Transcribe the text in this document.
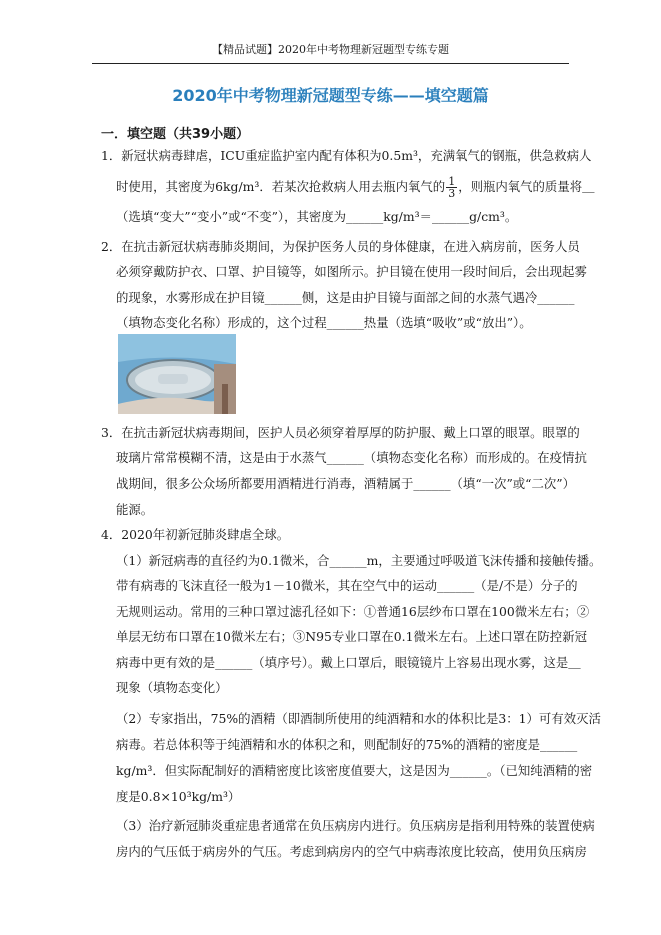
【精品试题】2020年中考物理新冠题型专练专题
2020年中考物理新冠题型专练——填空题篇
一．填空题（共39小题）
1．新冠状病毒肆虐，ICU重症监护室内配有体积为0.5m³，充满氧气的钢瓶，供急救病人
时使用，其密度为6kg/m³．若某次抢救病人用去瓶内氧气的 $\frac{1}{3}$ ，则瓶内氧气的质量将＿
（选填“变大”“变小”或“不变”），其密度为______kg/m³＝______g/cm³。
2．在抗击新冠状病毒肺炎期间，为保护医务人员的身体健康，在进入病房前，医务人员
必须穿戴防护衣、口罩、护目镜等，如图所示。护目镜在使用一段时间后，会出现起雾
的现象，水雾形成在护目镜______侧，这是由护目镜与面部之间的水蒸气遇冷______
（填物态变化名称）形成的，这个过程______热量（选填“吸收”或“放出”）。
3．在抗击新冠状病毒期间，医护人员必须穿着厚厚的防护服、戴上口罩的眼罩。眼罩的
玻璃片常常模糊不清，这是由于水蒸气______（填物态变化名称）而形成的。在疫情抗
战期间，很多公众场所都要用酒精进行消毒，酒精属于______（填“一次”或“二次”）
能源。
4．2020年初新冠肺炎肆虐全球。
（1）新冠病毒的直径约为0.1微米，合______m，主要通过呼吸道飞沫传播和接触传播。
带有病毒的飞沫直径一般为1－10微米，其在空气中的运动______（是/不是）分子的
无规则运动。常用的三种口罩过滤孔径如下：①普通16层纱布口罩在100微米左右；②
单层无纺布口罩在10微米左右；③N95专业口罩在0.1微米左右。上述口罩在防控新冠
病毒中更有效的是______（填序号）。戴上口罩后，眼镜镜片上容易出现水雾，这是＿
现象（填物态变化）
（2）专家指出，75%的酒精（即酒制所使用的纯酒精和水的体积比是3：1）可有效灭活
病毒。若总体积等于纯酒精和水的体积之和，则配制好的75%的酒精的密度是______
kg/m³．但实际配制好的酒精密度比该密度值要大，这是因为______。（已知纯酒精的密
度是0.8×10³kg/m³）
（3）治疗新冠肺炎重症患者通常在负压病房内进行。负压病房是指利用特殊的装置使病
房内的气压低于病房外的气压。考虑到病房内的空气中病毒浓度比较高，使用负压病房
